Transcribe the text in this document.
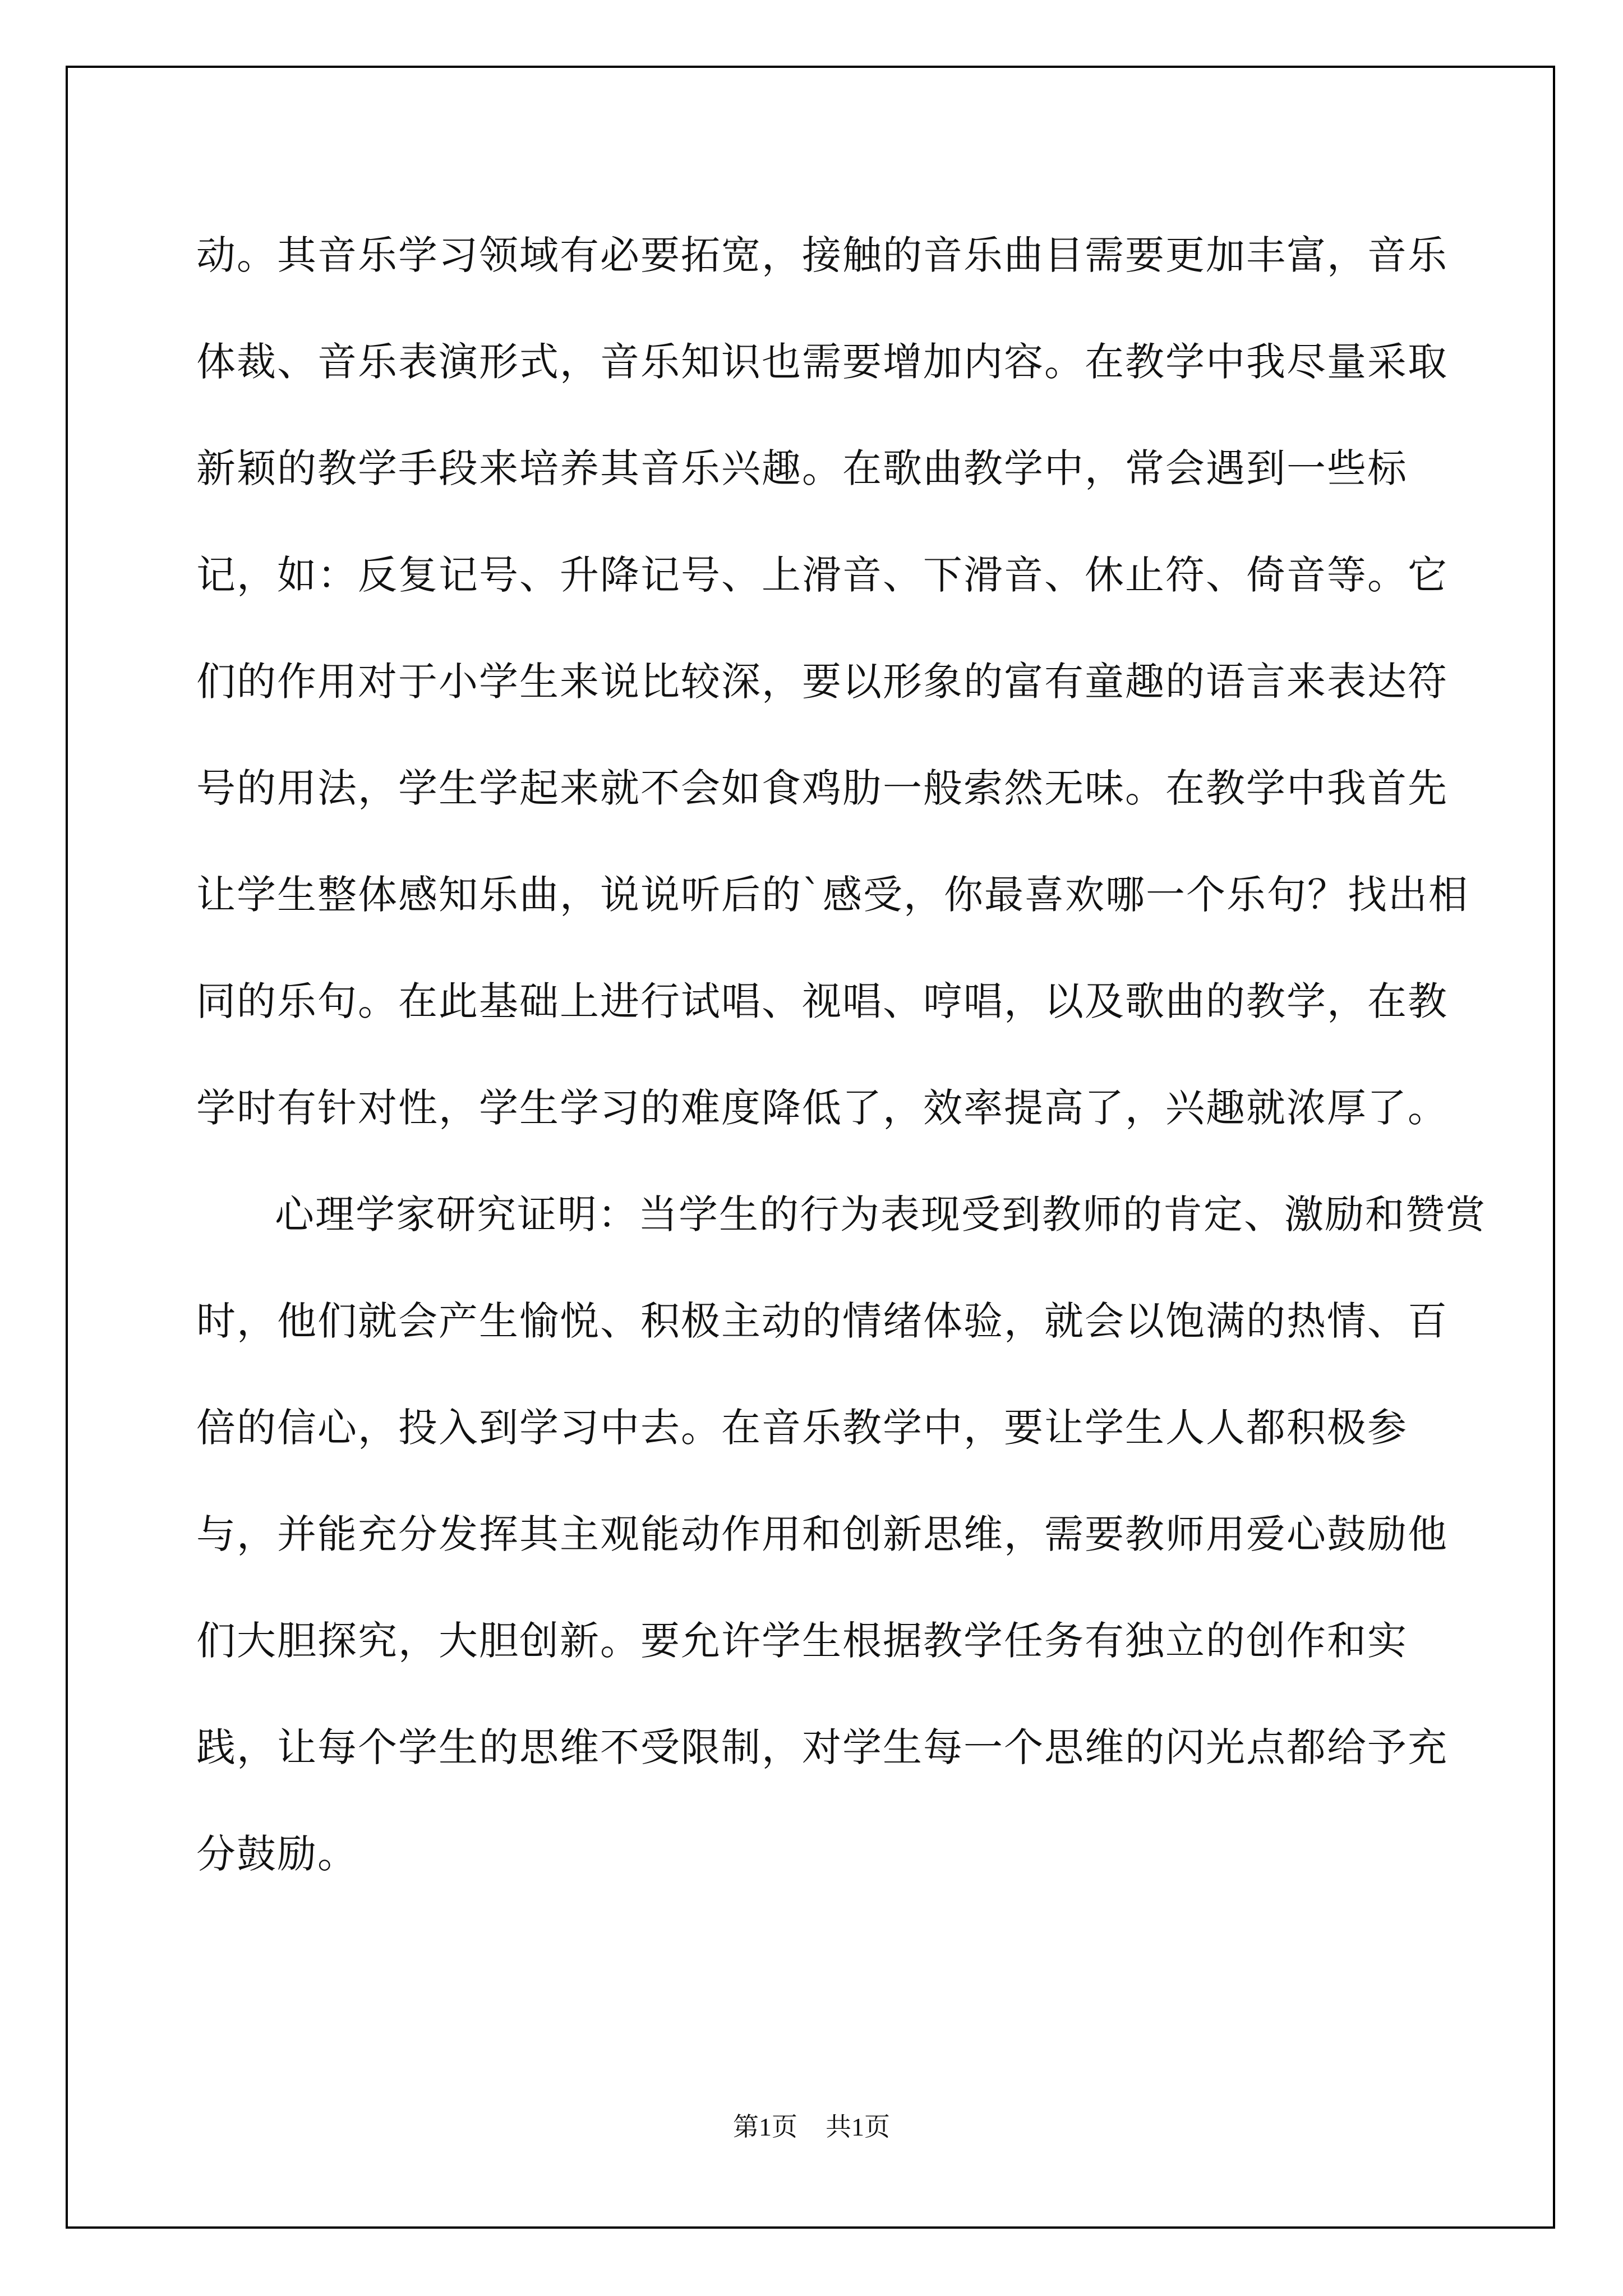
动。其音乐学习领域有必要拓宽，接触的音乐曲目需要更加丰富，音乐体裁、音乐表演形式，音乐知识也需要增加内容。在教学中我尽量采取新颖的教学手段来培养其音乐兴趣。在歌曲教学中，常会遇到一些标记，如：反复记号、升降记号、上滑音、下滑音、休止符、倚音等。它们的作用对于小学生来说比较深，要以形象的富有童趣的语言来表达符号的用法，学生学起来就不会如食鸡肋一般索然无味。在教学中我首先让学生整体感知乐曲，说说听后的`感受，你最喜欢哪一个乐句？找出相同的乐句。在此基础上进行试唱、视唱、哼唱，以及歌曲的教学，在教学时有针对性，学生学习的难度降低了，效率提高了，兴趣就浓厚了。

心理学家研究证明：当学生的行为表现受到教师的肯定、激励和赞赏时，他们就会产生愉悦、积极主动的情绪体验，就会以饱满的热情、百倍的信心，投入到学习中去。在音乐教学中，要让学生人人都积极参与，并能充分发挥其主观能动作用和创新思维，需要教师用爱心鼓励他们大胆探究，大胆创新。要允许学生根据教学任务有独立的创作和实践，让每个学生的思维不受限制，对学生每一个思维的闪光点都给予充分鼓励。

第1页 共1页
